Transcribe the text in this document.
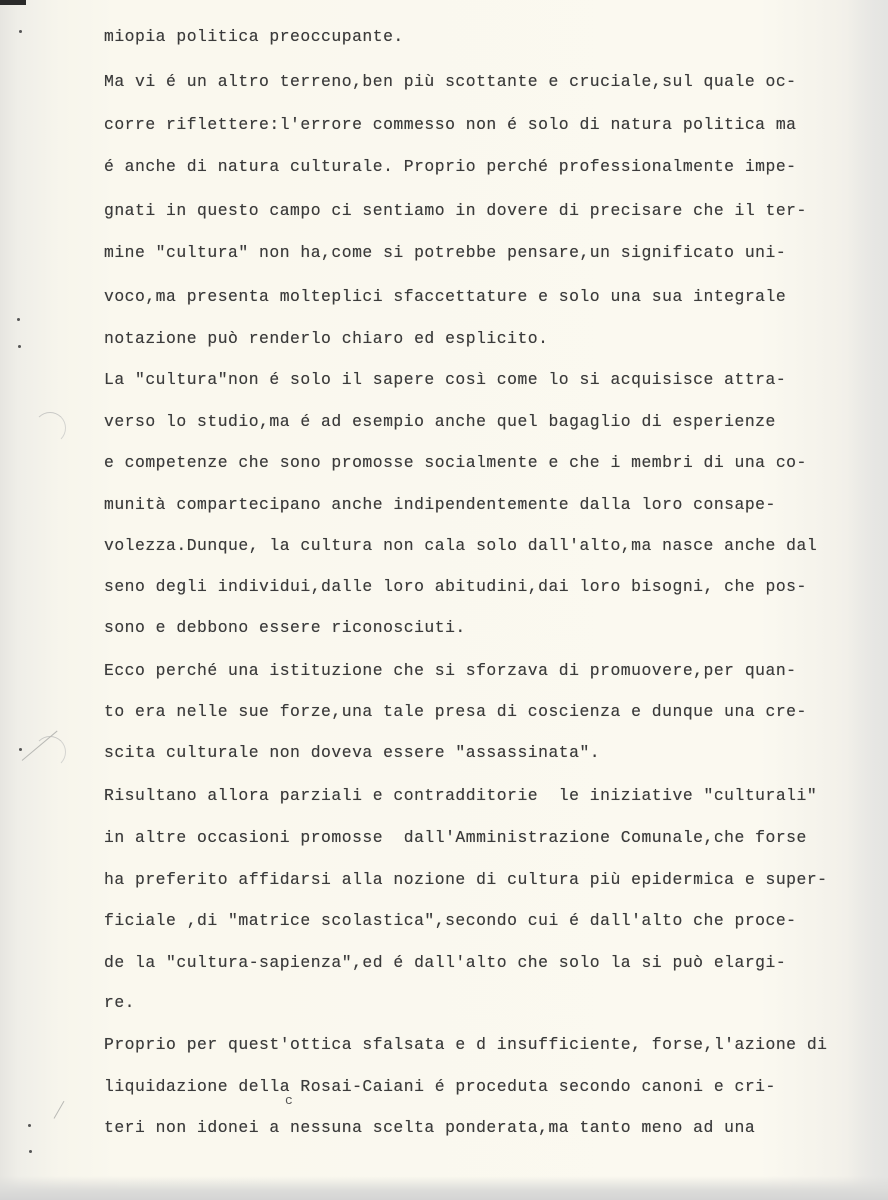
miopia politica preoccupante.
Ma vi é un altro terreno,ben più scottante e cruciale,sul quale oc-
corre riflettere:l'errore commesso non é solo di natura politica ma
é anche di natura culturale. Proprio perché professionalmente impe-
gnati in questo campo ci sentiamo in dovere di precisare che il ter-
mine "cultura" non ha,come si potrebbe pensare,un significato uni-
voco,ma presenta molteplici sfaccettature e solo una sua integrale
notazione può renderlo chiaro ed esplicito.
La "cultura"non é solo il sapere così come lo si acquisisce attra-
verso lo studio,ma é ad esempio anche quel bagaglio di esperienze
e competenze che sono promosse socialmente e che i membri di una co-
munità compartecipano anche indipendentemente dalla loro consape-
volezza.Dunque, la cultura non cala solo dall'alto,ma nasce anche dal
seno degli individui,dalle loro abitudini,dai loro bisogni, che pos-
sono e debbono essere riconosciuti.
Ecco perché una istituzione che si sforzava di promuovere,per quan-
to era nelle sue forze,una tale presa di coscienza e dunque una cre-
scita culturale non doveva essere "assassinata".
Risultano allora parziali e contradditorie  le iniziative "culturali"
in altre occasioni promosse  dall'Amministrazione Comunale,che forse
ha preferito affidarsi alla nozione di cultura più epidermica e super-
ficiale ,di "matrice scolastica",secondo cui é dall'alto che proce-
de la "cultura-sapienza",ed é dall'alto che solo la si può elargi-
re.
Proprio per quest'ottica sfalsata e d insufficiente, forse,l'azione di
liquidazione della Rosai-Caiani é proceduta secondo canoni e cri-
teri non idonei a nessuna scelta ponderata,ma tanto meno ad una
c
